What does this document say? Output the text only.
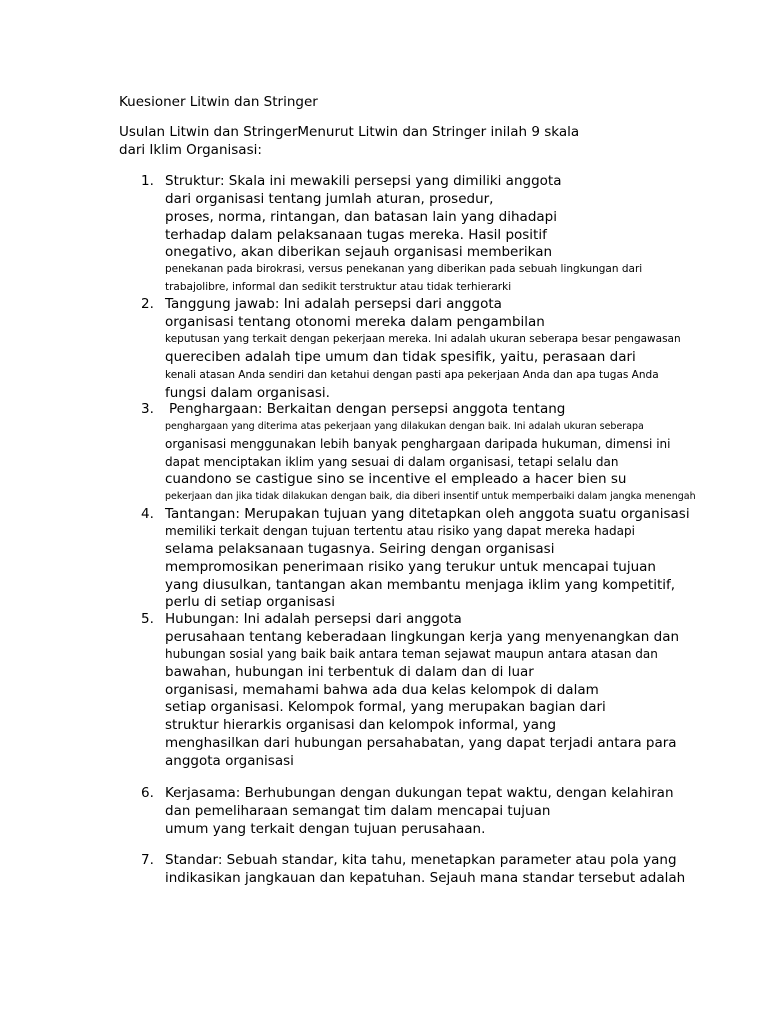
Kuesioner Litwin dan Stringer
Usulan Litwin dan StringerMenurut Litwin dan Stringer inilah 9 skala
dari Iklim Organisasi:
1. Struktur: Skala ini mewakili persepsi yang dimiliki anggota
dari organisasi tentang jumlah aturan, prosedur,
proses, norma, rintangan, dan batasan lain yang dihadapi
terhadap dalam pelaksanaan tugas mereka. Hasil positif
onegativo, akan diberikan sejauh organisasi memberikan
penekanan pada birokrasi, versus penekanan yang diberikan pada sebuah lingkungan dari
trabajolibre, informal dan sedikit terstruktur atau tidak terhierarki
2. Tanggung jawab: Ini adalah persepsi dari anggota
organisasi tentang otonomi mereka dalam pengambilan
keputusan yang terkait dengan pekerjaan mereka. Ini adalah ukuran seberapa besar pengawasan
quereciben adalah tipe umum dan tidak spesifik, yaitu, perasaan dari
kenali atasan Anda sendiri dan ketahui dengan pasti apa pekerjaan Anda dan apa tugas Anda
fungsi dalam organisasi.
3. Penghargaan: Berkaitan dengan persepsi anggota tentang
penghargaan yang diterima atas pekerjaan yang dilakukan dengan baik. Ini adalah ukuran seberapa
organisasi menggunakan lebih banyak penghargaan daripada hukuman, dimensi ini
dapat menciptakan iklim yang sesuai di dalam organisasi, tetapi selalu dan
cuandono se castigue sino se incentive el empleado a hacer bien su
pekerjaan dan jika tidak dilakukan dengan baik, dia diberi insentif untuk memperbaiki dalam jangka menengah
4. Tantangan: Merupakan tujuan yang ditetapkan oleh anggota suatu organisasi
memiliki terkait dengan tujuan tertentu atau risiko yang dapat mereka hadapi
selama pelaksanaan tugasnya. Seiring dengan organisasi
mempromosikan penerimaan risiko yang terukur untuk mencapai tujuan
yang diusulkan, tantangan akan membantu menjaga iklim yang kompetitif,
perlu di setiap organisasi
5. Hubungan: Ini adalah persepsi dari anggota
perusahaan tentang keberadaan lingkungan kerja yang menyenangkan dan
hubungan sosial yang baik baik antara teman sejawat maupun antara atasan dan
bawahan, hubungan ini terbentuk di dalam dan di luar
organisasi, memahami bahwa ada dua kelas kelompok di dalam
setiap organisasi. Kelompok formal, yang merupakan bagian dari
struktur hierarkis organisasi dan kelompok informal, yang
menghasilkan dari hubungan persahabatan, yang dapat terjadi antara para
anggota organisasi
6. Kerjasama: Berhubungan dengan dukungan tepat waktu, dengan kelahiran
dan pemeliharaan semangat tim dalam mencapai tujuan
umum yang terkait dengan tujuan perusahaan.
7. Standar: Sebuah standar, kita tahu, menetapkan parameter atau pola yang
indikasikan jangkauan dan kepatuhan. Sejauh mana standar tersebut adalah
